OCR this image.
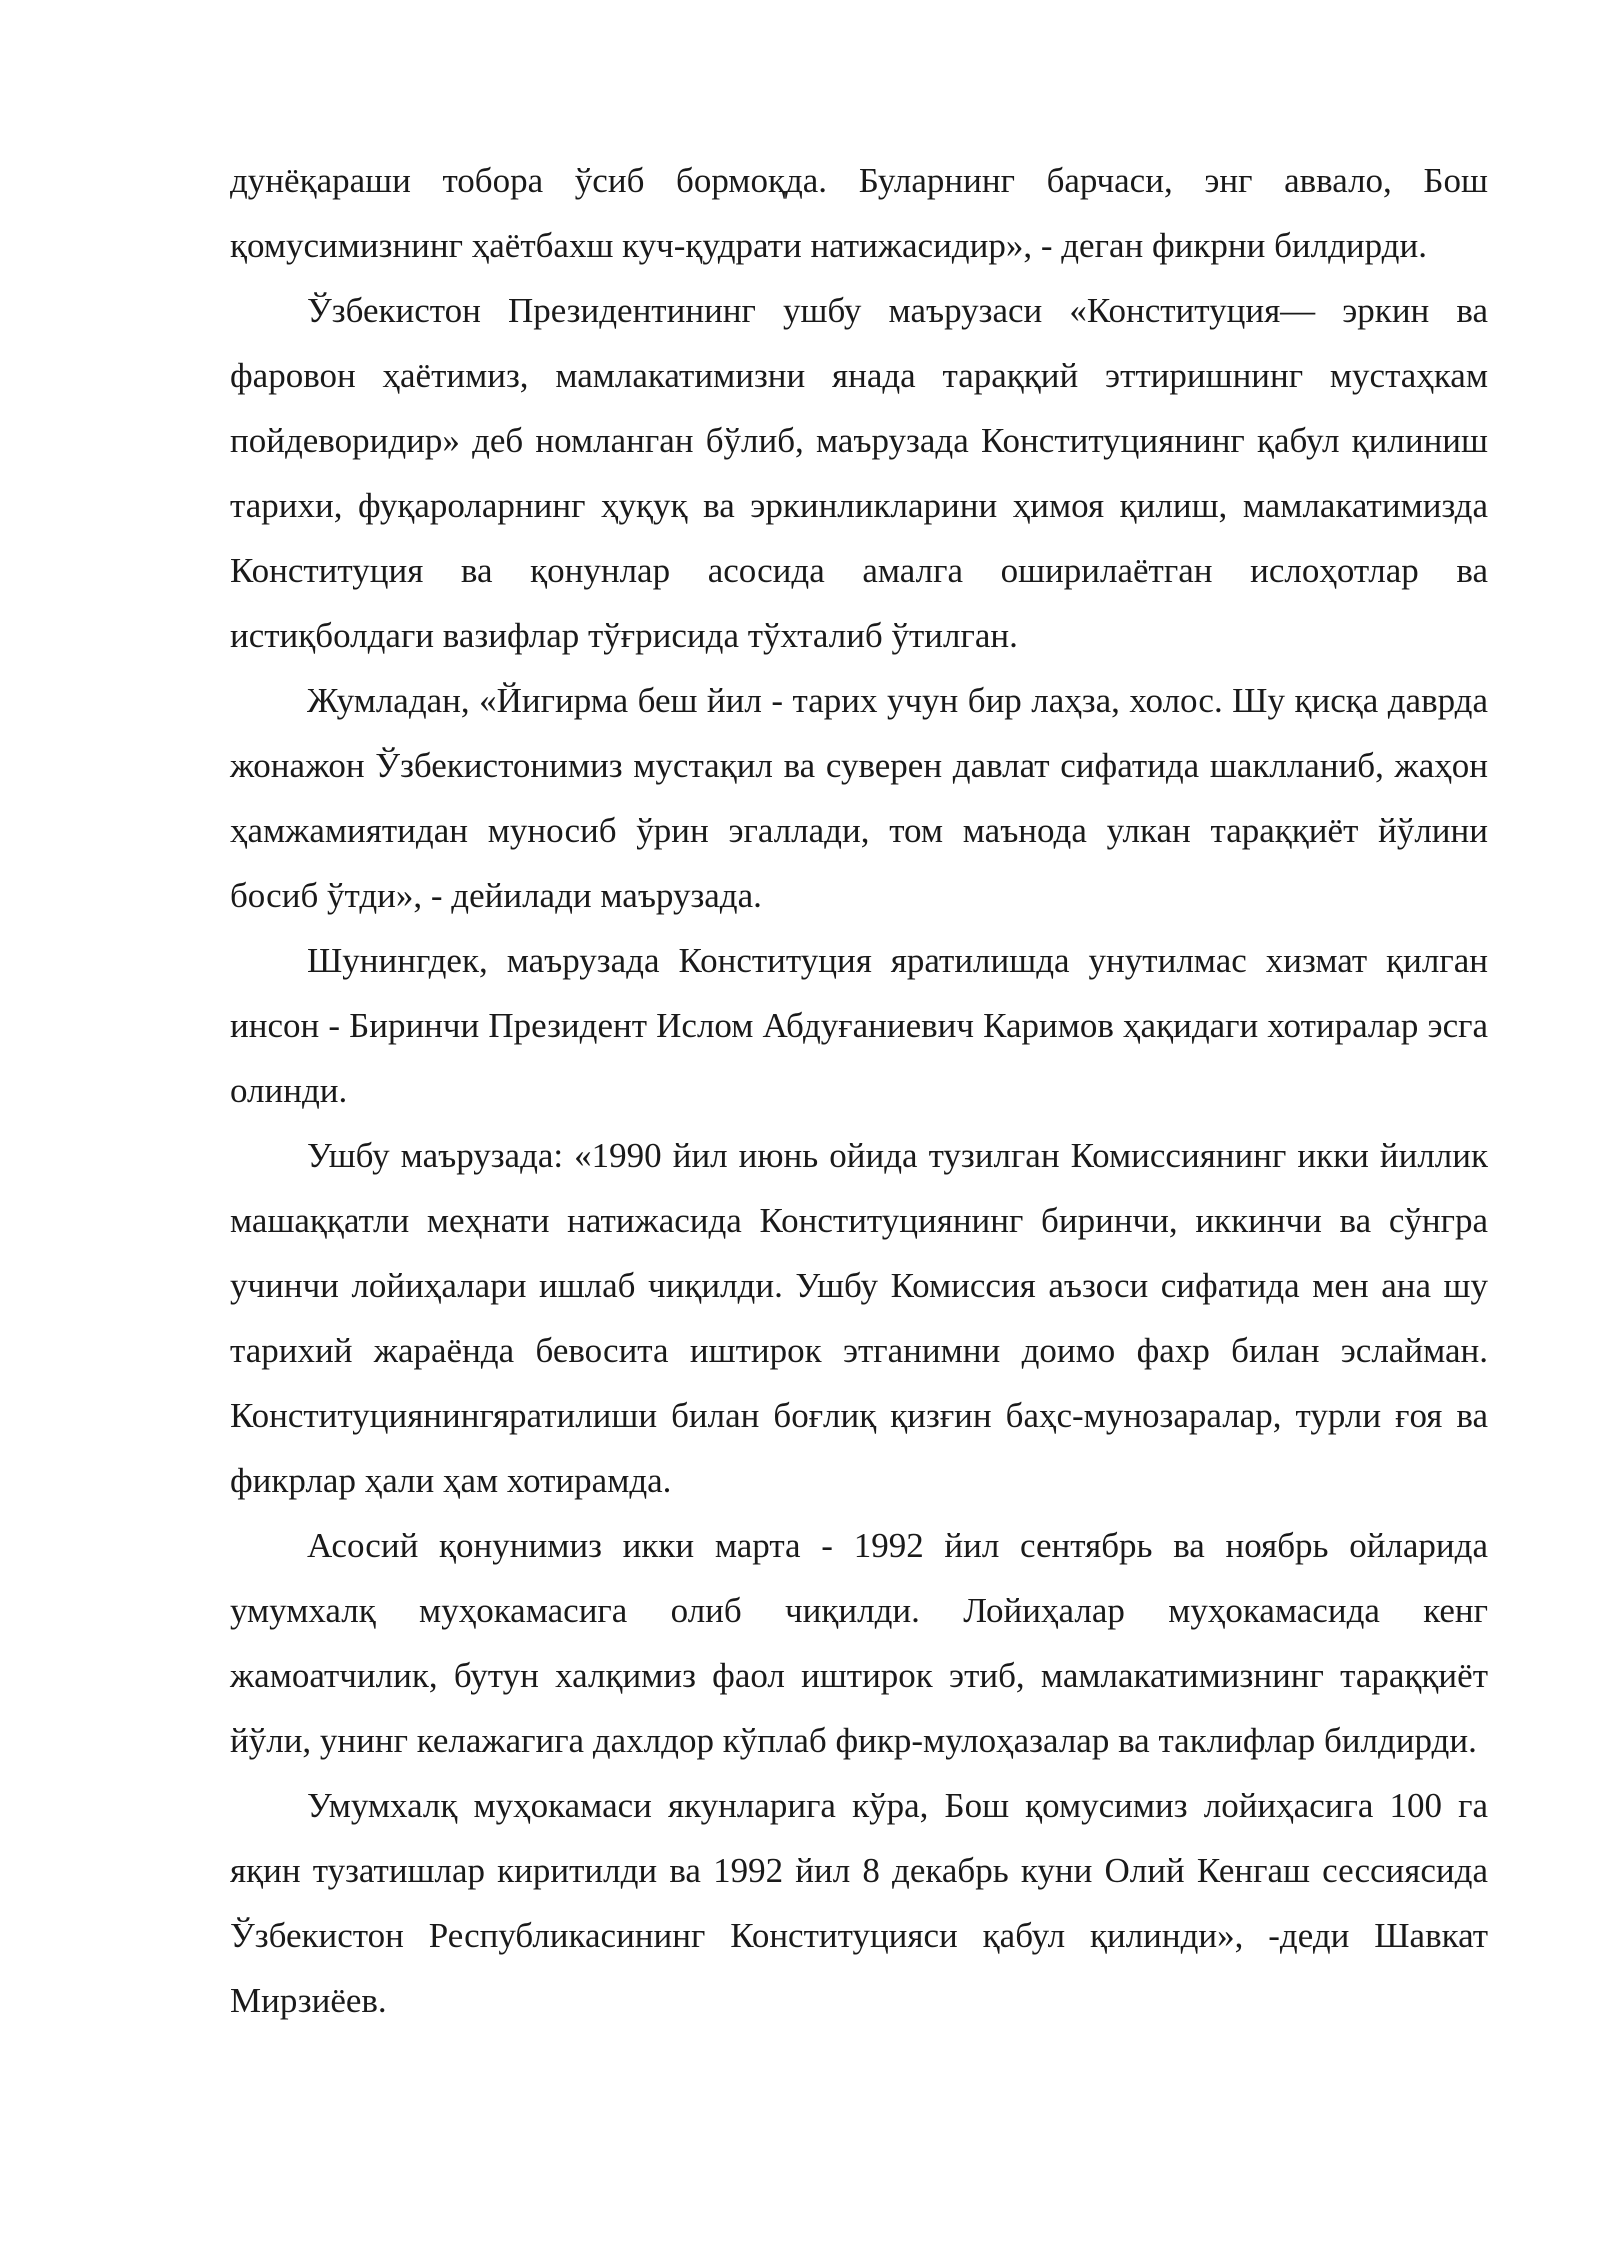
дунёқараши тобора ўсиб бормоқда. Буларнинг барчаси, энг аввало, Бош қомусимизнинг ҳаётбахш куч-қудрати натижасидир», - деган фикрни билдирди.

Ўзбекистон Президентининг ушбу маърузаси «Конституция— эркин ва фаровон ҳаётимиз, мамлакатимизни янада тараққий эттиришнинг мустаҳкам пойдеворидир» деб номланган бўлиб, маърузада Конституциянинг қабул қилиниш тарихи, фуқароларнинг ҳуқуқ ва эркинликларини ҳимоя қилиш, мамлакатимизда Конституция ва қонунлар асосида амалга оширилаётган ислоҳотлар ва истиқболдаги вазифлар тўғрисида тўхталиб ўтилган.

Жумладан, «Йигирма беш йил - тарих учун бир лаҳза, холос. Шу қисқа даврда жонажон Ўзбекистонимиз мустақил ва суверен давлат сифатида шаклланиб, жаҳон ҳамжамиятидан муносиб ўрин эгаллади, том маънода улкан тараққиёт йўлини босиб ўтди», - дейилади маърузада.

Шунингдек, маърузада Конституция яратилишда унутилмас хизмат қилган инсон - Биринчи Президент Ислом Абдуғаниевич Каримов ҳақидаги хотиралар эсга олинди.

Ушбу маърузада: «1990 йил июнь ойида тузилган Комиссиянинг икки йиллик машаққатли меҳнати натижасида Конституциянинг биринчи, иккинчи ва сўнгра учинчи лойиҳалари ишлаб чиқилди. Ушбу Комиссия аъзоси сифатида мен ана шу тарихий жараёнда бевосита иштирок этганимни доимо фахр билан эслайман. Конституциянингяратилиши билан боғлиқ қизғин баҳс-мунозаралар, турли ғоя ва фикрлар ҳали ҳам хотирамда.

Асосий қонунимиз икки марта - 1992 йил сентябрь ва ноябрь ойларида умумхалқ муҳокамасига олиб чиқилди. Лойиҳалар муҳокамасида кенг жамоатчилик, бутун халқимиз фаол иштирок этиб, мамлакатимизнинг тараққиёт йўли, унинг келажагига дахлдор кўплаб фикр-мулоҳазалар ва таклифлар билдирди.

Умумхалқ муҳокамаси якунларига кўра, Бош қомусимиз лойиҳасига 100 га яқин тузатишлар киритилди ва 1992 йил 8 декабрь куни Олий Кенгаш сессиясида Ўзбекистон Республикасининг Конституцияси қабул қилинди», -деди Шавкат Мирзиёев.
